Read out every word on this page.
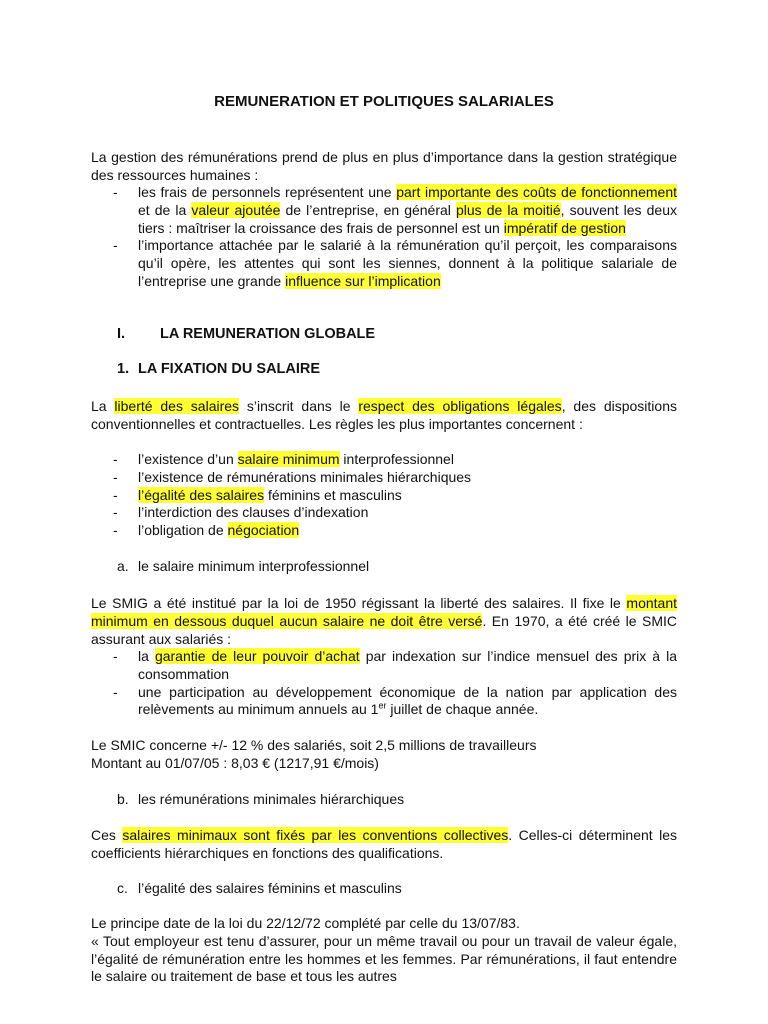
REMUNERATION ET POLITIQUES SALARIALES

La gestion des rémunérations prend de plus en plus d’importance dans la gestion stratégique des ressources humaines :

- les frais de personnels représentent une part importante des coûts de fonctionnement et de la valeur ajoutée de l’entreprise, en général plus de la moitié, souvent les deux tiers : maîtriser la croissance des frais de personnel est un impératif de gestion
- l’importance attachée par le salarié à la rémunération qu’il perçoit, les comparaisons qu’il opère, les attentes qui sont les siennes, donnent à la politique salariale de l’entreprise une grande influence sur l’implication

I. LA REMUNERATION GLOBALE

1. LA FIXATION DU SALAIRE

La liberté des salaires s’inscrit dans le respect des obligations légales, des dispositions conventionnelles et contractuelles. Les règles les plus importantes concernent :

- l’existence d’un salaire minimum interprofessionnel
- l’existence de rémunérations minimales hiérarchiques
- l’égalité des salaires féminins et masculins
- l’interdiction des clauses d’indexation
- l’obligation de négociation

a. le salaire minimum interprofessionnel

Le SMIG a été institué par la loi de 1950 régissant la liberté des salaires. Il fixe le montant minimum en dessous duquel aucun salaire ne doit être versé. En 1970, a été créé le SMIC assurant aux salariés :

- la garantie de leur pouvoir d’achat par indexation sur l’indice mensuel des prix à la consommation
- une participation au développement économique de la nation par application des relèvements au minimum annuels au 1er juillet de chaque année.

Le SMIC concerne +/- 12 % des salariés, soit 2,5 millions de travailleurs
Montant au 01/07/05 : 8,03 € (1217,91 €/mois)

b. les rémunérations minimales hiérarchiques

Ces salaires minimaux sont fixés par les conventions collectives. Celles-ci déterminent les coefficients hiérarchiques en fonctions des qualifications.

c. l’égalité des salaires féminins et masculins

Le principe date de la loi du 22/12/72 complété par celle du 13/07/83.
« Tout employeur est tenu d’assurer, pour un même travail ou pour un travail de valeur égale, l’égalité de rémunération entre les hommes et les femmes. Par rémunérations, il faut entendre le salaire ou traitement de base et tous les autres
